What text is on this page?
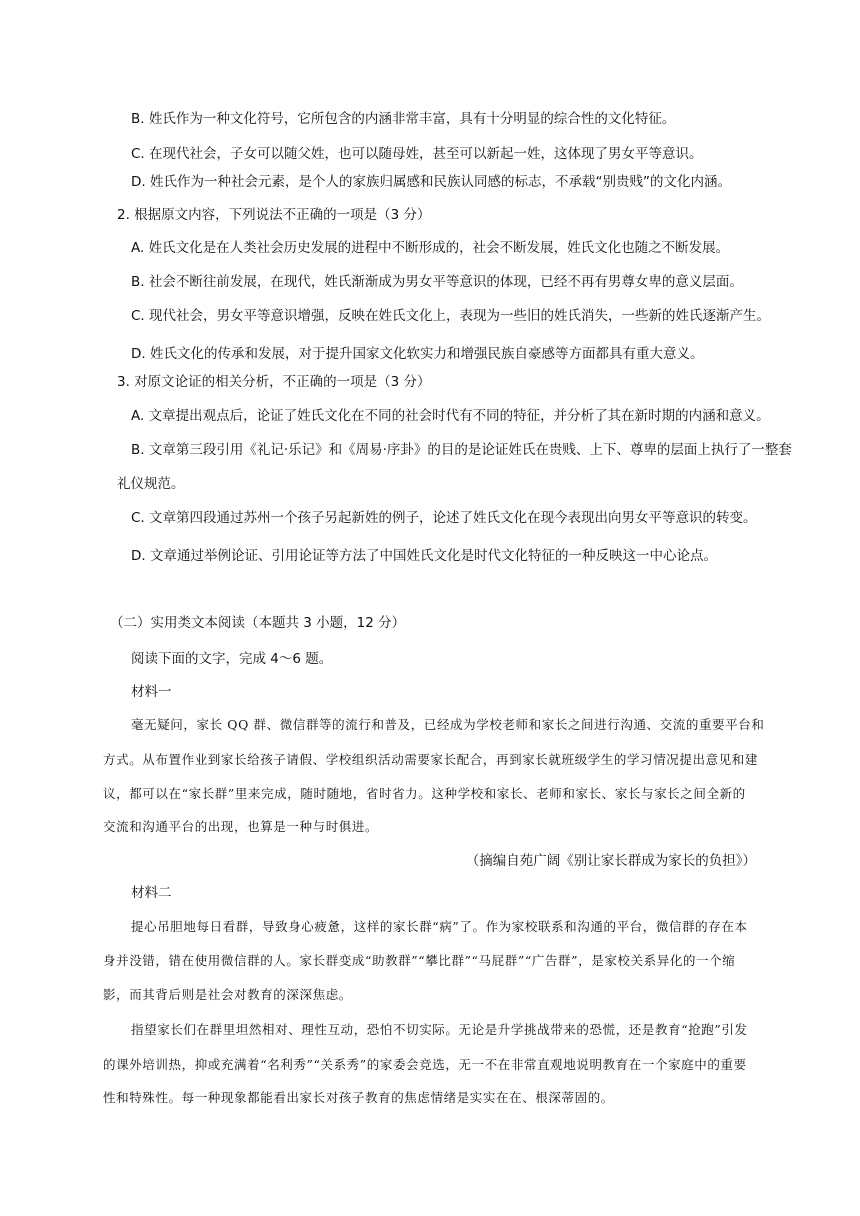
B. 姓氏作为一种文化符号，它所包含的内涵非常丰富，具有十分明显的综合性的文化特征。
C. 在现代社会，子女可以随父姓，也可以随母姓，甚至可以新起一姓，这体现了男女平等意识。
D. 姓氏作为一种社会元素，是个人的家族归属感和民族认同感的标志，不承载“别贵贱”的文化内涵。
2. 根据原文内容，下列说法不正确的一项是（3 分）
A. 姓氏文化是在人类社会历史发展的进程中不断形成的，社会不断发展，姓氏文化也随之不断发展。
B. 社会不断往前发展，在现代，姓氏渐渐成为男女平等意识的体现，已经不再有男尊女卑的意义层面。
C. 现代社会，男女平等意识增强，反映在姓氏文化上，表现为一些旧的姓氏消失，一些新的姓氏逐渐产生。
D. 姓氏文化的传承和发展，对于提升国家文化软实力和增强民族自豪感等方面都具有重大意义。
3. 对原文论证的相关分析，不正确的一项是（3 分）
A. 文章提出观点后，论证了姓氏文化在不同的社会时代有不同的特征，并分析了其在新时期的内涵和意义。
B. 文章第三段引用《礼记·乐记》和《周易·序卦》的目的是论证姓氏在贵贱、上下、尊卑的层面上执行了一整套
礼仪规范。
C. 文章第四段通过苏州一个孩子另起新姓的例子，论述了姓氏文化在现今表现出向男女平等意识的转变。
D. 文章通过举例论证、引用论证等方法了中国姓氏文化是时代文化特征的一种反映这一中心论点。
（二）实用类文本阅读（本题共 3 小题，12 分）
阅读下面的文字，完成 4～6 题。
材料一
毫无疑问，家长 QQ 群、微信群等的流行和普及，已经成为学校老师和家长之间进行沟通、交流的重要平台和
方式。从布置作业到家长给孩子请假、学校组织活动需要家长配合，再到家长就班级学生的学习情况提出意见和建
议，都可以在“家长群”里来完成，随时随地，省时省力。这种学校和家长、老师和家长、家长与家长之间全新的
交流和沟通平台的出现，也算是一种与时俱进。
（摘编自苑广阔《别让家长群成为家长的负担》）
材料二
提心吊胆地每日看群，导致身心疲惫，这样的家长群“病”了。作为家校联系和沟通的平台，微信群的存在本
身并没错，错在使用微信群的人。家长群变成“助教群”“攀比群”“马屁群”“广告群”，是家校关系异化的一个缩
影，而其背后则是社会对教育的深深焦虑。
指望家长们在群里坦然相对、理性互动，恐怕不切实际。无论是升学挑战带来的恐慌，还是教育“抢跑”引发
的课外培训热，抑或充满着“名利秀”“关系秀”的家委会竞选，无一不在非常直观地说明教育在一个家庭中的重要
性和特殊性。每一种现象都能看出家长对孩子教育的焦虑情绪是实实在在、根深蒂固的。
